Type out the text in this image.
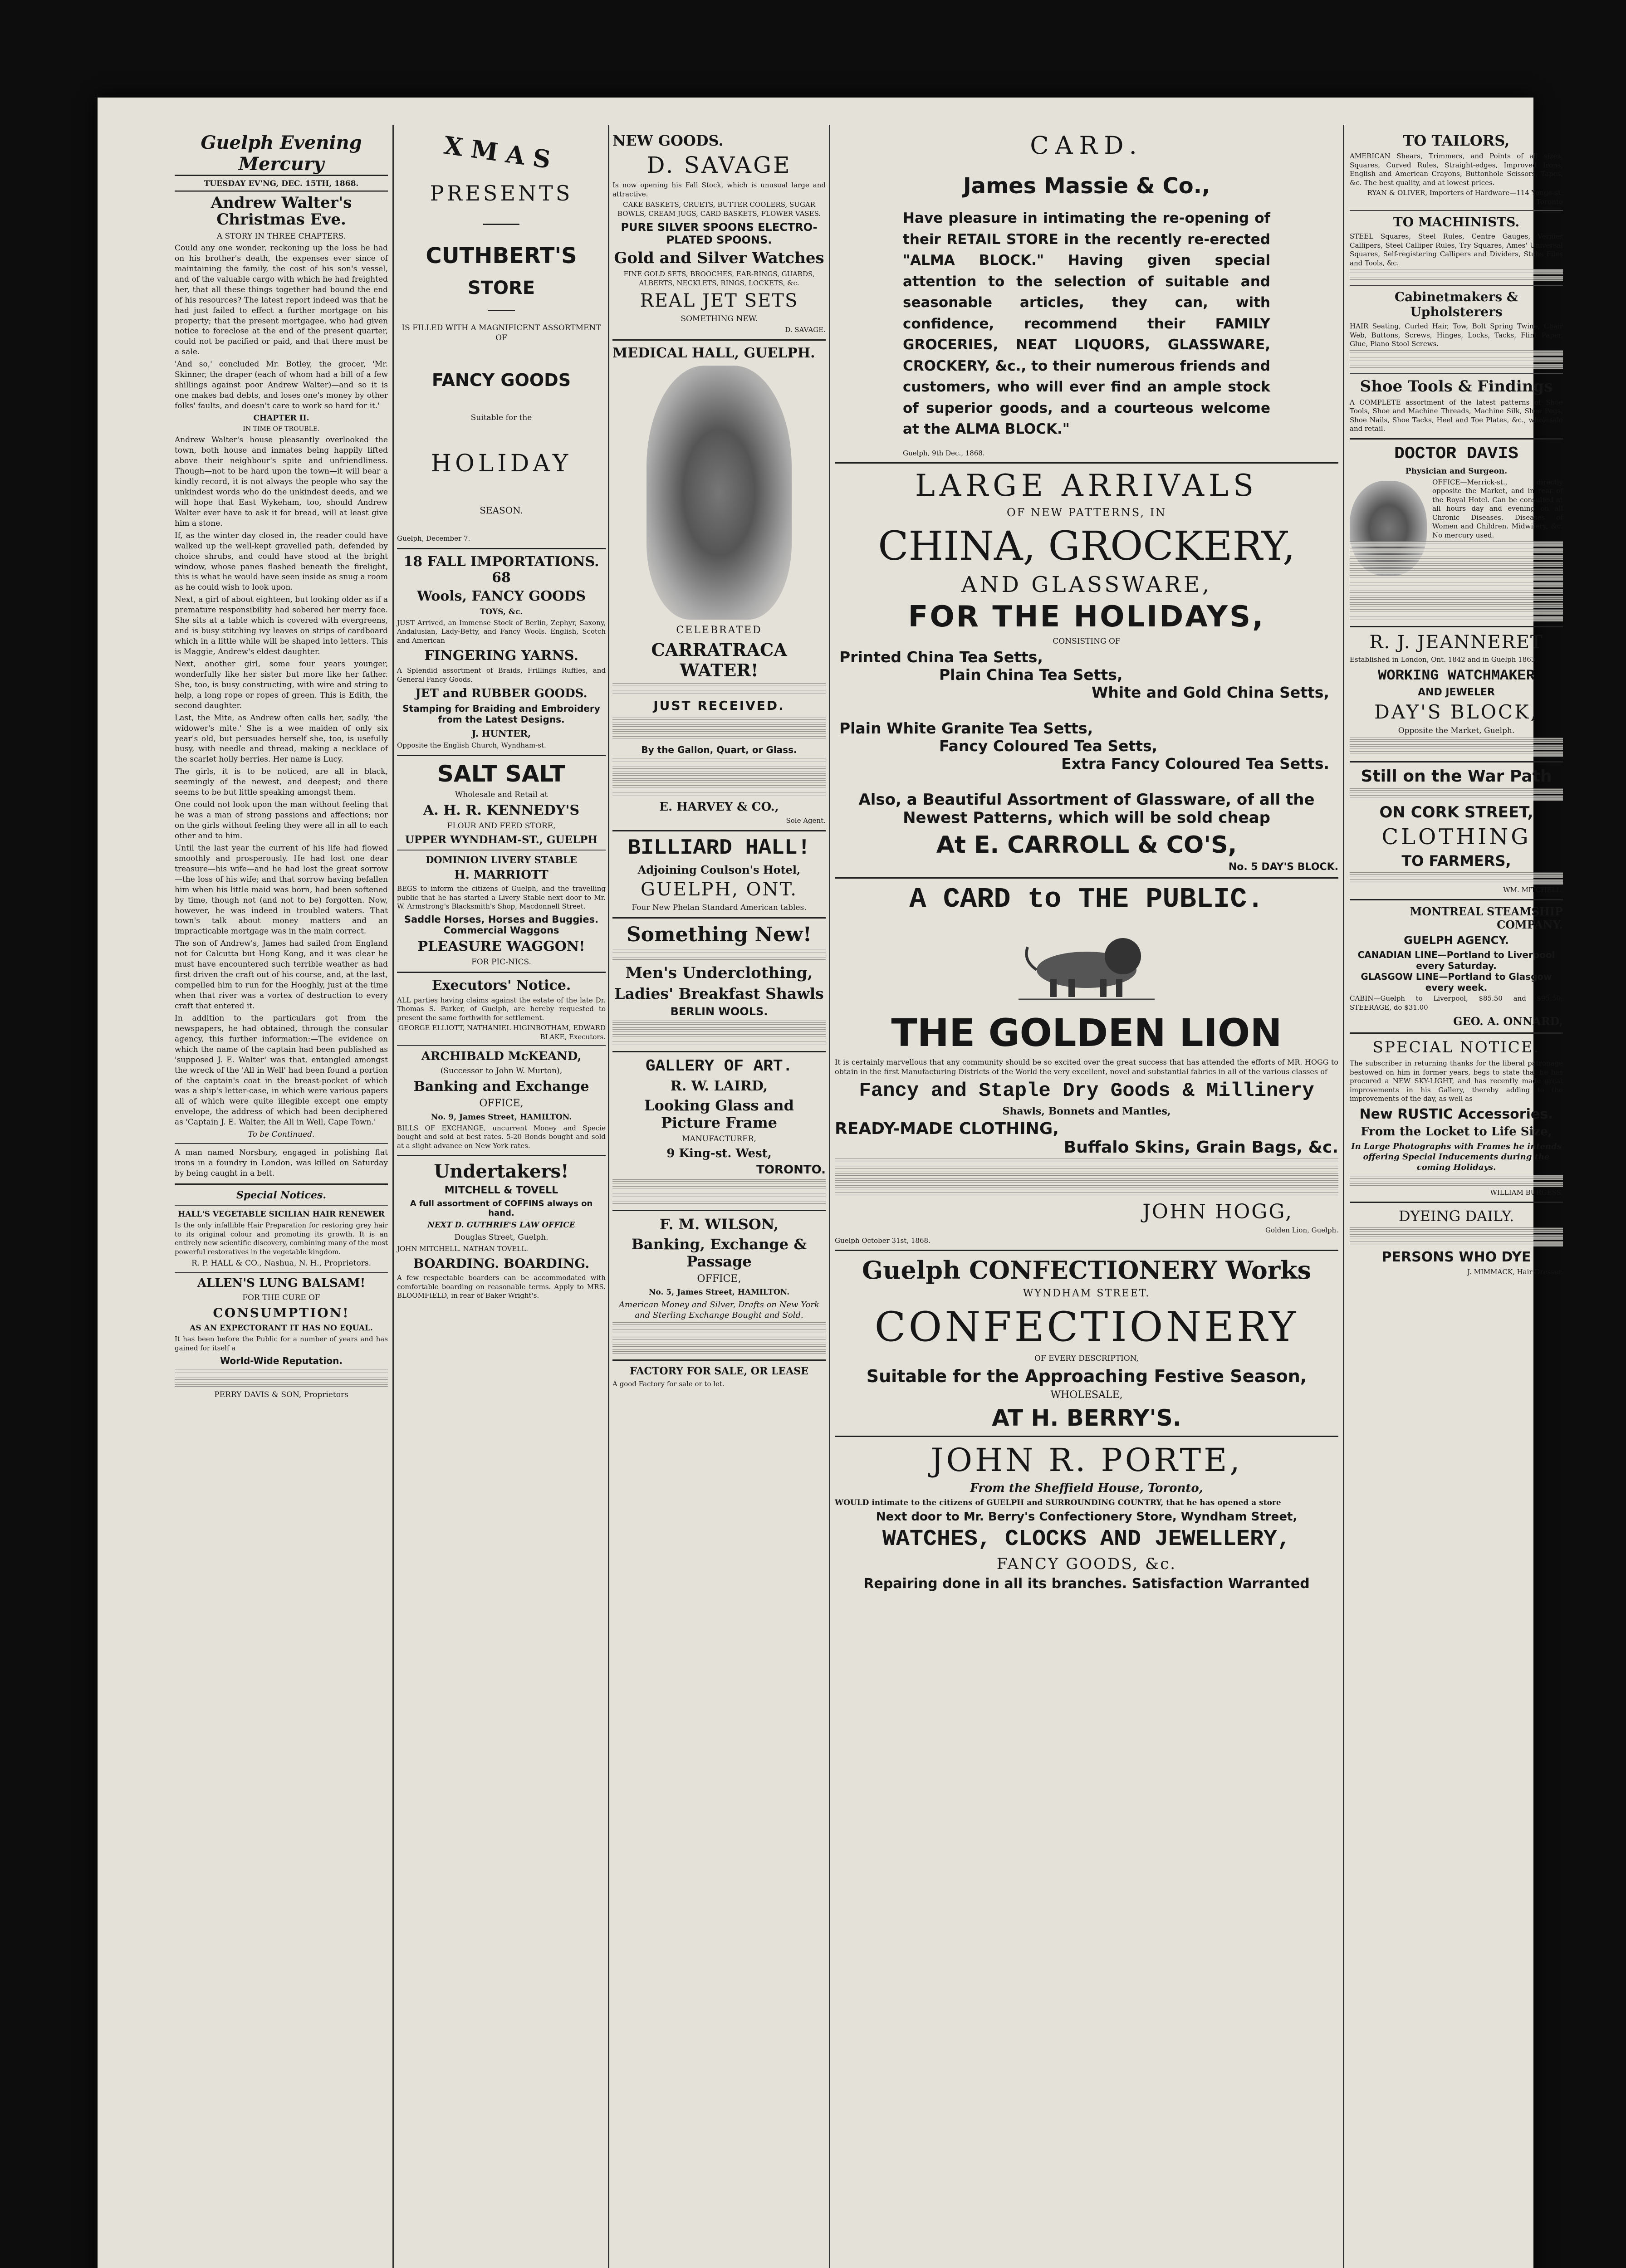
Guelph Evening Mercury
TUESDAY EV'NG, DEC. 15TH, 1868.
Andrew Walter's Christmas Eve.
A STORY IN THREE CHAPTERS.

Could any one wonder, reckoning up the loss he had on his brother's death, the expenses ever since of maintaining the family, the cost of his son's vessel, and of the valuable cargo with which he had freighted her, that all these things together had bound the end of his resources? The latest report indeed was that he had just failed to effect a further mortgage on his property; that the present mortgagee, who had given notice to foreclose at the end of the present quarter, could not be pacified or paid, and that there must be a sale.

'And so,' concluded Mr. Botley, the grocer, 'Mr. Skinner, the draper (each of whom had a bill of a few shillings against poor Andrew Walter)—and so it is one makes bad debts, and loses one's money by other folks' faults, and doesn't care to work so hard for it.'

CHAPTER II.
IN TIME OF TROUBLE.

Andrew Walter's house pleasantly overlooked the town, both house and inmates being happily lifted above their neighbour's spite and unfriendliness. Though—not to be hard upon the town—it will bear a kindly record, it is not always the people who say the unkindest words who do the unkindest deeds, and we will hope that East Wykeham, too, should Andrew Walter ever have to ask it for bread, will at least give him a stone.

If, as the winter day closed in, the reader could have walked up the well-kept gravelled path, defended by choice shrubs, and could have stood at the bright window, whose panes flashed beneath the firelight, this is what he would have seen inside as snug a room as he could wish to look upon.

Next, a girl of about eighteen, but looking older as if a premature responsibility had sobered her merry face. She sits at a table which is covered with evergreens, and is busy stitching ivy leaves on strips of cardboard which in a little while will be shaped into letters. This is Maggie, Andrew's eldest daughter.

Next, another girl, some four years younger, wonderfully like her sister but more like her father. She, too, is busy constructing, with wire and string to help, a long rope or ropes of green. This is Edith, the second daughter.

Last, the Mite, as Andrew often calls her, sadly, 'the widower's mite.' She is a wee maiden of only six year's old, but persuades herself she, too, is usefully busy, with needle and thread, making a necklace of the scarlet holly berries. Her name is Lucy.

The girls, it is to be noticed, are all in black, seemingly of the newest, and deepest; and there seems to be but little speaking amongst them.

One could not look upon the man without feeling that he was a man of strong passions and affections; nor on the girls without feeling they were all in all to each other and to him.

Until the last year the current of his life had flowed smoothly and prosperously. He had lost one dear treasure—his wife—and he had lost the great sorrow—the loss of his wife; and that sorrow having befallen him when his little maid was born, had been softened by time, though not (and not to be) forgotten. Now, however, he was indeed in troubled waters. That town's talk about money matters and an impracticable mortgage was in the main correct.

The son of Andrew's, James had sailed from England not for Calcutta but Hong Kong, and it was clear he must have encountered such terrible weather as had first driven the craft out of his course, and, at the last, compelled him to run for the Hooghly, just at the time when that river was a vortex of destruction to every craft that entered it.

In addition to the particulars got from the newspapers, he had obtained, through the consular agency, this further information:—The evidence on which the name of the captain had been published as 'supposed J. E. Walter' was that, entangled amongst the wreck of the 'All in Well' had been found a portion of the captain's coat in the breast-pocket of which was a ship's letter-case, in which were various papers all of which were quite illegible except one empty envelope, the address of which had been deciphered as 'Captain J. E. Walter, the All in Well, Cape Town.'

To be Continued.

A man named Norsbury, engaged in polishing flat irons in a foundry in London, was killed on Saturday by being caught in a belt.

Special Notices.
HALL'S VEGETABLE SICILIAN HAIR RENEWER

Is the only infallible Hair Preparation for restoring grey hair to its original colour and promoting its growth. It is an entirely new scientific discovery, combining many of the most powerful restoratives in the vegetable kingdom.

R. P. HALL & CO., Nashua, N. H., Proprietors.
ALLEN'S LUNG BALSAM!
FOR THE CURE OF
CONSUMPTION!
AS AN EXPECTORANT IT HAS NO EQUAL.

It has been before the Public for a number of years and has gained for itself a

World-Wide Reputation.
PERRY DAVIS & SON, Proprietors
XMAS
PRESENTS
CUTHBERT'S
STORE
IS FILLED WITH A MAGNIFICENT ASSORTMENT OF
FANCY GOODS
Suitable for the
HOLIDAY
SEASON.
Guelph, December 7.
18 FALL IMPORTATIONS. 68
Wools, FANCY GOODS
TOYS, &c.

JUST Arrived, an Immense Stock of Berlin, Zephyr, Saxony, Andalusian, Lady-Betty, and Fancy Wools. English, Scotch and American

FINGERING YARNS.

A Splendid assortment of Braids, Frillings Ruffles, and General Fancy Goods.

JET and RUBBER GOODS.
Stamping for Braiding and Embroidery from the Latest Designs.
J. HUNTER,
Opposite the English Church, Wyndham-st.
SALT SALT
Wholesale and Retail at
A. H. R. KENNEDY'S
FLOUR AND FEED STORE,
UPPER WYNDHAM-ST., GUELPH
DOMINION LIVERY STABLE
H. MARRIOTT

BEGS to inform the citizens of Guelph, and the travelling public that he has started a Livery Stable next door to Mr. W. Armstrong's Blacksmith's Shop, Macdonnell Street.

Saddle Horses, Horses and Buggies. Commercial Waggons
PLEASURE WAGGON!
FOR PIC-NICS.
Executors' Notice.

ALL parties having claims against the estate of the late Dr. Thomas S. Parker, of Guelph, are hereby requested to present the same forthwith for settlement.

GEORGE ELLIOTT, NATHANIEL HIGINBOTHAM, EDWARD BLAKE, Executors.

ARCHIBALD McKEAND,
(Successor to John W. Murton),
Banking and Exchange
OFFICE,
No. 9, James Street, HAMILTON.

BILLS OF EXCHANGE, uncurrent Money and Specie bought and sold at best rates. 5-20 Bonds bought and sold at a slight advance on New York rates.

Undertakers!
MITCHELL & TOVELL
A full assortment of COFFINS always on hand.
NEXT D. GUTHRIE'S LAW OFFICE
Douglas Street, Guelph.
JOHN MITCHELL. NATHAN TOVELL.
BOARDING. BOARDING.

A few respectable boarders can be accommodated with comfortable boarding on reasonable terms. Apply to MRS. BLOOMFIELD, in rear of Baker Wright's.

NEW GOODS.
D. SAVAGE

Is now opening his Fall Stock, which is unusual large and attractive.

CAKE BASKETS, CRUETS, BUTTER COOLERS, SUGAR BOWLS, CREAM JUGS, CARD BASKETS, FLOWER VASES.

PURE SILVER SPOONS ELECTRO-PLATED SPOONS.
Gold and Silver Watches

FINE GOLD SETS, BROOCHES, EAR-RINGS, GUARDS, ALBERTS, NECKLETS, RINGS, LOCKETS, &c.

REAL JET SETS
SOMETHING NEW.
D. SAVAGE.
MEDICAL HALL, GUELPH.
CELEBRATED
CARRATRACA WATER!
JUST RECEIVED.
By the Gallon, Quart, or Glass.
E. HARVEY & CO.,
Sole Agent.
BILLIARD HALL!
Adjoining Coulson's Hotel,
GUELPH, ONT.
Four New Phelan Standard American tables.
Something New!
Men's Underclothing,
Ladies' Breakfast Shawls
BERLIN WOOLS.
GALLERY OF ART.
R. W. LAIRD,
Looking Glass and Picture Frame
MANUFACTURER,
9 King-st. West,
TORONTO.
F. M. WILSON,
Banking, Exchange & Passage
OFFICE,
No. 5, James Street, HAMILTON.

American Money and Silver, Drafts on New York and Sterling Exchange Bought and Sold.

FACTORY FOR SALE, OR LEASE
A good Factory for sale or to let.
CARD.
James Massie & Co.,

Have pleasure in intimating the re-opening of their RETAIL STORE in the recently re-erected "ALMA BLOCK." Having given special attention to the selection of suitable and seasonable articles, they can, with confidence, recommend their FAMILY GROCERIES, NEAT LIQUORS, GLASSWARE, CROCKERY, &c., to their numerous friends and customers, who will ever find an ample stock of superior goods, and a courteous welcome at the ALMA BLOCK."

Guelph, 9th Dec., 1868.
LARGE ARRIVALS
OF NEW PATTERNS, IN
CHINA, GROCKERY,
AND GLASSWARE,
FOR THE HOLIDAYS,
CONSISTING OF
Printed China Tea Setts,
Plain China Tea Setts,
White and Gold China Setts,
Plain White Granite Tea Setts,
Fancy Coloured Tea Setts,
Extra Fancy Coloured Tea Setts.
Also, a Beautiful Assortment of Glassware, of all the Newest Patterns, which will be sold cheap
At E. CARROLL & CO'S,
No. 5 DAY'S BLOCK.
A CARD to THE PUBLIC.
THE GOLDEN LION

It is certainly marvellous that any community should be so excited over the great success that has attended the efforts of MR. HOGG to obtain in the first Manufacturing Districts of the World the very excellent, novel and substantial fabrics in all of the various classes of

Fancy and Staple Dry Goods & Millinery
Shawls, Bonnets and Mantles,
READY-MADE CLOTHING,
Buffalo Skins, Grain Bags, &c.
JOHN HOGG,
Golden Lion, Guelph.
Guelph October 31st, 1868.
Guelph CONFECTIONERY Works
WYNDHAM STREET.
CONFECTIONERY
OF EVERY DESCRIPTION,
Suitable for the Approaching Festive Season,
WHOLESALE,
AT H. BERRY'S.
JOHN R. PORTE,
From the Sheffield House, Toronto,

WOULD intimate to the citizens of GUELPH and SURROUNDING COUNTRY, that he has opened a store

Next door to Mr. Berry's Confectionery Store, Wyndham Street,
WATCHES, CLOCKS AND JEWELLERY,
FANCY GOODS, &c.
Repairing done in all its branches. Satisfaction Warranted
TO TAILORS,

AMERICAN Shears, Trimmers, and Points of all sizes, Squares, Curved Rules, Straight-edges, Improved Irons, English and American Crayons, Buttonhole Scissors, Tapes, &c. The best quality, and at lowest prices.

RYAN & OLIVER, Importers of Hardware—114 Yonge-st. Toronto

TO MACHINISTS.

STEEL Squares, Steel Rules, Centre Gauges, Vernier Callipers, Steel Calliper Rules, Try Squares, Ames' Universal Squares, Self-registering Callipers and Dividers, Stubs Files and Tools, &c.

Cabinetmakers & Upholsterers

HAIR Seating, Curled Hair, Tow, Bolt Spring Twine, Chair Web, Buttons, Screws, Hinges, Locks, Tacks, Flint Paper, Glue, Piano Stool Screws.

Shoe Tools & Findings

A COMPLETE assortment of the latest patterns of Shoe Tools, Shoe and Machine Threads, Machine Silk, Shoe Pegs, Shoe Nails, Shoe Tacks, Heel and Toe Plates, &c., wholesale and retail.

DOCTOR DAVIS
Physician and Surgeon.

OFFICE—Merrick-st., directly opposite the Market, and in rear of the Royal Hotel. Can be consulted at all hours day and evening on all Chronic Diseases. Diseases of Women and Children. Midwifery, &c. No mercury used.

R. J. JEANNERET

Established in London, Ont. 1842 and in Guelph 1863,

WORKING WATCHMAKER
AND JEWELER
DAY'S BLOCK,
Opposite the Market, Guelph.
Still on the War Path
ON CORK STREET,
CLOTHING
TO FARMERS,
WM. MITCHELL.
MONTREAL STEAMSHIP COMPANY.
GUELPH AGENCY.
CANADIAN LINE—Portland to Liverpool every Saturday.
GLASGOW LINE—Portland to Glasgow every week.

CABIN—Guelph to Liverpool, $85.50 and $95.50; STEERAGE, do $31.00

GEO. A. ONNARD,
SPECIAL NOTICE.

The subscriber in returning thanks for the liberal patronage bestowed on him in former years, begs to state that he has procured a NEW SKY-LIGHT, and has recently made great improvements in his Gallery, thereby adding to the improvements of the day, as well as

New RUSTIC Accessories.
From the Locket to Life Size,

In Large Photographs with Frames he intends offering Special Inducements during the coming Holidays.

WILLIAM BURGESS.
DYEING DAILY.
PERSONS WHO DYE
J. MIMMACK, Hair Dresser.
